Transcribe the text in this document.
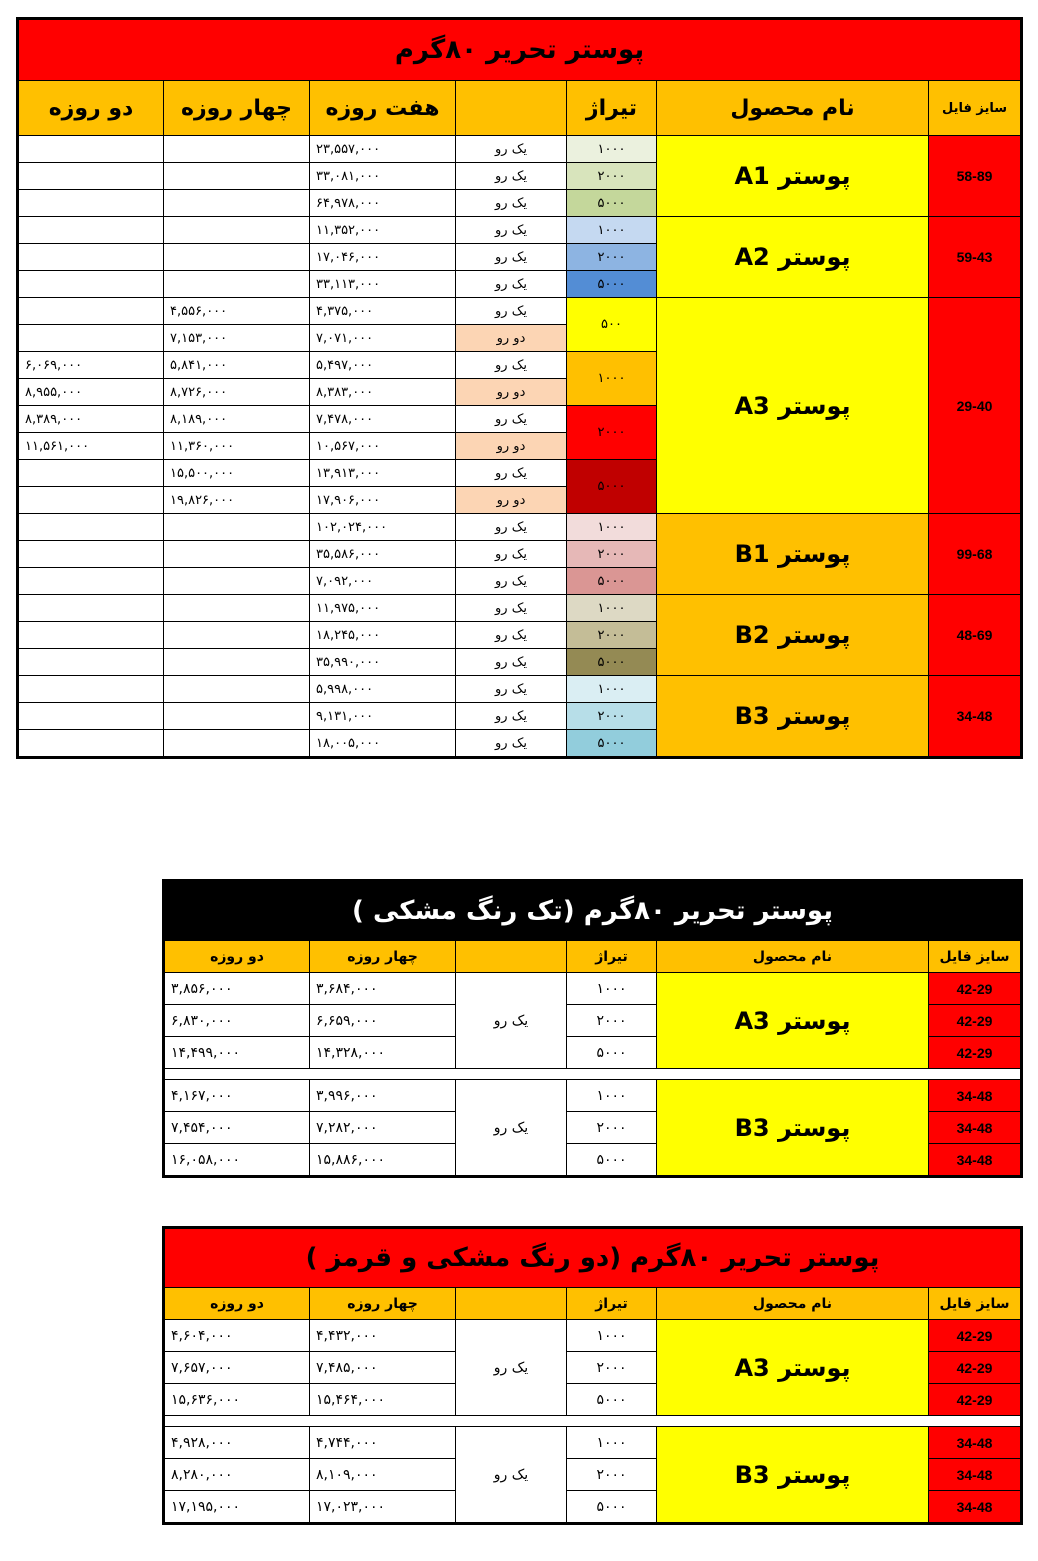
پوستر تحریر ۸۰گرم						
دو روزه	چهار روزه	هفت روزه		تیراژ	نام محصول	سایز فایل
		۲۳,۵۵۷,۰۰۰	یک رو	۱۰۰۰	پوستر A1	58-89
		۳۳,۰۸۱,۰۰۰	یک رو	۲۰۰۰		
		۶۴,۹۷۸,۰۰۰	یک رو	۵۰۰۰		
		۱۱,۳۵۲,۰۰۰	یک رو	۱۰۰۰	پوستر A2	59-43
		۱۷,۰۴۶,۰۰۰	یک رو	۲۰۰۰		
		۳۳,۱۱۳,۰۰۰	یک رو	۵۰۰۰		
	۴,۵۵۶,۰۰۰	۴,۳۷۵,۰۰۰	یک رو	۵۰۰	پوستر A3	29-40
	۷,۱۵۳,۰۰۰	۷,۰۷۱,۰۰۰	دو رو			
۶,۰۶۹,۰۰۰	۵,۸۴۱,۰۰۰	۵,۴۹۷,۰۰۰	یک رو	۱۰۰۰		
۸,۹۵۵,۰۰۰	۸,۷۲۶,۰۰۰	۸,۳۸۳,۰۰۰	دو رو			
۸,۳۸۹,۰۰۰	۸,۱۸۹,۰۰۰	۷,۴۷۸,۰۰۰	یک رو	۲۰۰۰		
۱۱,۵۶۱,۰۰۰	۱۱,۳۶۰,۰۰۰	۱۰,۵۶۷,۰۰۰	دو رو			
	۱۵,۵۰۰,۰۰۰	۱۳,۹۱۳,۰۰۰	یک رو	۵۰۰۰		
	۱۹,۸۲۶,۰۰۰	۱۷,۹۰۶,۰۰۰	دو رو			
		۱۰۲,۰۲۴,۰۰۰	یک رو	۱۰۰۰	پوستر B1	99-68
		۳۵,۵۸۶,۰۰۰	یک رو	۲۰۰۰		
		۷,۰۹۲,۰۰۰	یک رو	۵۰۰۰		
		۱۱,۹۷۵,۰۰۰	یک رو	۱۰۰۰	پوستر B2	48-69
		۱۸,۲۴۵,۰۰۰	یک رو	۲۰۰۰		
		۳۵,۹۹۰,۰۰۰	یک رو	۵۰۰۰		
		۵,۹۹۸,۰۰۰	یک رو	۱۰۰۰	پوستر B3	34-48
		۹,۱۳۱,۰۰۰	یک رو	۲۰۰۰		
		۱۸,۰۰۵,۰۰۰	یک رو	۵۰۰۰		
پوستر تحریر ۸۰گرم (تک رنگ مشکی )					
دو روزه	چهار روزه		تیراژ	نام محصول	سایز فایل
۳,۸۵۶,۰۰۰	۳,۶۸۴,۰۰۰	یک رو	۱۰۰۰	پوستر A3	42-29
۶,۸۳۰,۰۰۰	۶,۶۵۹,۰۰۰		۲۰۰۰		42-29
۱۴,۴۹۹,۰۰۰	۱۴,۳۲۸,۰۰۰		۵۰۰۰		42-29

۴,۱۶۷,۰۰۰	۳,۹۹۶,۰۰۰	یک رو	۱۰۰۰	پوستر B3	34-48
۷,۴۵۴,۰۰۰	۷,۲۸۲,۰۰۰		۲۰۰۰		34-48
۱۶,۰۵۸,۰۰۰	۱۵,۸۸۶,۰۰۰		۵۰۰۰		34-48
پوستر تحریر ۸۰گرم (دو رنگ مشکی و قرمز )					
دو روزه	چهار روزه		تیراژ	نام محصول	سایز فایل
۴,۶۰۴,۰۰۰	۴,۴۳۲,۰۰۰	یک رو	۱۰۰۰	پوستر A3	42-29
۷,۶۵۷,۰۰۰	۷,۴۸۵,۰۰۰		۲۰۰۰		42-29
۱۵,۶۳۶,۰۰۰	۱۵,۴۶۴,۰۰۰		۵۰۰۰		42-29

۴,۹۲۸,۰۰۰	۴,۷۴۴,۰۰۰	یک رو	۱۰۰۰	پوستر B3	34-48
۸,۲۸۰,۰۰۰	۸,۱۰۹,۰۰۰		۲۰۰۰		34-48
۱۷,۱۹۵,۰۰۰	۱۷,۰۲۳,۰۰۰		۵۰۰۰		34-48
